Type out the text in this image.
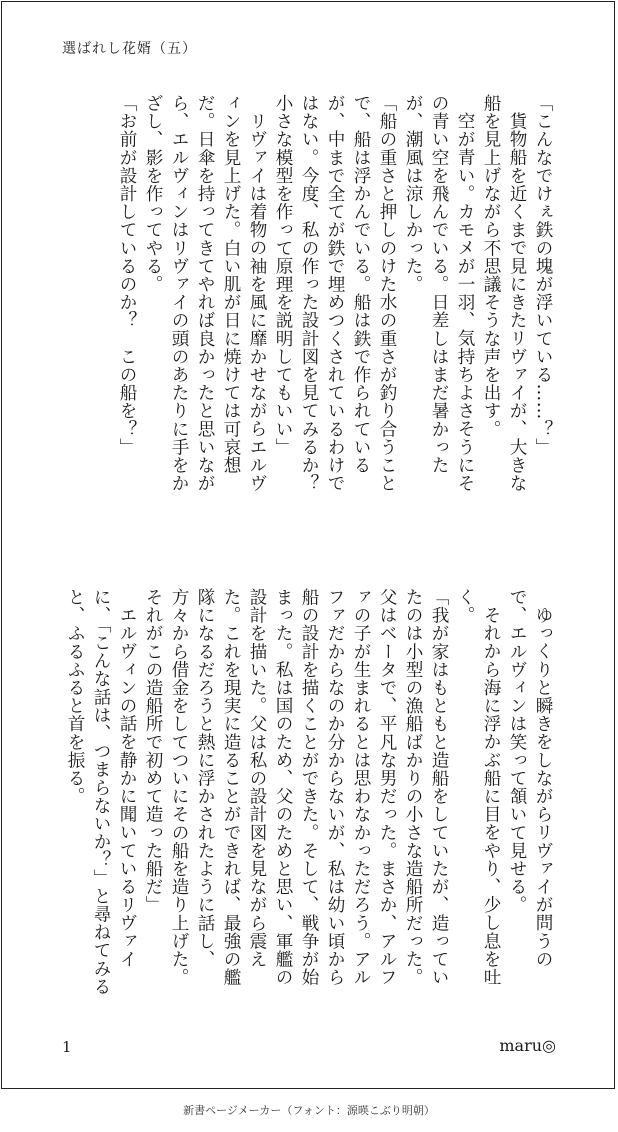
選ばれし花婿（五）

「こんなでけぇ鉄の塊が浮いている……？」

貨物船を近くまで見にきたリヴァイが、大きな船を見上げながら不思議そうな声を出す。

空が青い。カモメが一羽、気持ちよさそうにその青い空を飛んでいる。日差しはまだ暑かったが、潮風は涼しかった。

「船の重さと押しのけた水の重さが釣り合うことで、船は浮かんでいる。船は鉄で作られているが、中まで全てが鉄で埋めつくされているわけではない。今度、私の作った設計図を見てみるか？　小さな模型を作って原理を説明してもいい」

リヴァイは着物の袖を風に靡かせながらエルヴィンを見上げた。白い肌が日に焼けては可哀想だ。日傘を持ってきてやれば良かったと思いながら、エルヴィンはリヴァイの頭のあたりに手をかざし、影を作ってやる。

「お前が設計しているのか？　この船を？」

ゆっくりと瞬きをしながらリヴァイが問うので、エルヴィンは笑って頷いて見せる。

それから海に浮かぶ船に目をやり、少し息を吐く。

「我が家はもともと造船をしていたが、造っていたのは小型の漁船ばかりの小さな造船所だった。父はベータで、平凡な男だった。まさか、アルファの子が生まれるとは思わなかっただろう。アルファだからなのか分からないが、私は幼い頃から船の設計を描くことができた。そして、戦争が始まった。私は国のため、父のためと思い、軍艦の設計を描いた。父は私の設計図を見ながら震えた。これを現実に造ることができれば、最強の艦隊になるだろうと熱に浮かされたように話し、方々から借金をしてついにその船を造り上げた。それがこの造船所で初めて造った船だ」

エルヴィンの話を静かに聞いているリヴァイに、「こんな話は、つまらないか？」と尋ねてみると、ふるふると首を振る。

1	maru◎
新書ページメーカー（フォント：源暎こぶり明朝）
